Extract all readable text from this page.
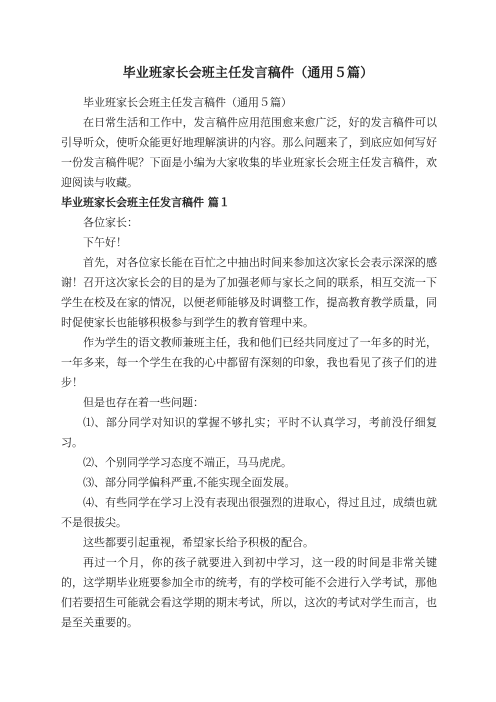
毕业班家长会班主任发言稿件（通用５篇）

毕业班家长会班主任发言稿件（通用５篇）

在日常生活和工作中，发言稿件应用范围愈来愈广泛，好的发言稿件可以引导听众，使听众能更好地理解演讲的内容。那么问题来了，到底应如何写好一份发言稿件呢？下面是小编为大家收集的毕业班家长会班主任发言稿件，欢迎阅读与收藏。

毕业班家长会班主任发言稿件 篇１

各位家长：

下午好！

首先，对各位家长能在百忙之中抽出时间来参加这次家长会表示深深的感谢！召开这次家长会的目的是为了加强老师与家长之间的联系，相互交流一下学生在校及在家的情况，以便老师能够及时调整工作，提高教育教学质量，同时促使家长也能够积极参与到学生的教育管理中来。

作为学生的语文教师兼班主任，我和他们已经共同度过了一年多的时光，一年多来，每一个学生在我的心中都留有深刻的印象，我也看见了孩子们的进步！

但是也存在着一些问题：

⑴、部分同学对知识的掌握不够扎实；平时不认真学习，考前没仔细复习。

⑵、个别同学学习态度不端正，马马虎虎。

⑶、部分同学偏科严重,不能实现全面发展。

⑷、有些同学在学习上没有表现出很强烈的进取心，得过且过，成绩也就不是很拔尖。

这些都要引起重视，希望家长给予积极的配合。

再过一个月，你的孩子就要进入到初中学习，这一段的时间是非常关键的，这学期毕业班要参加全市的统考，有的学校可能不会进行入学考试，那他们若要招生可能就会看这学期的期末考试，所以，这次的考试对学生而言，也是至关重要的。
